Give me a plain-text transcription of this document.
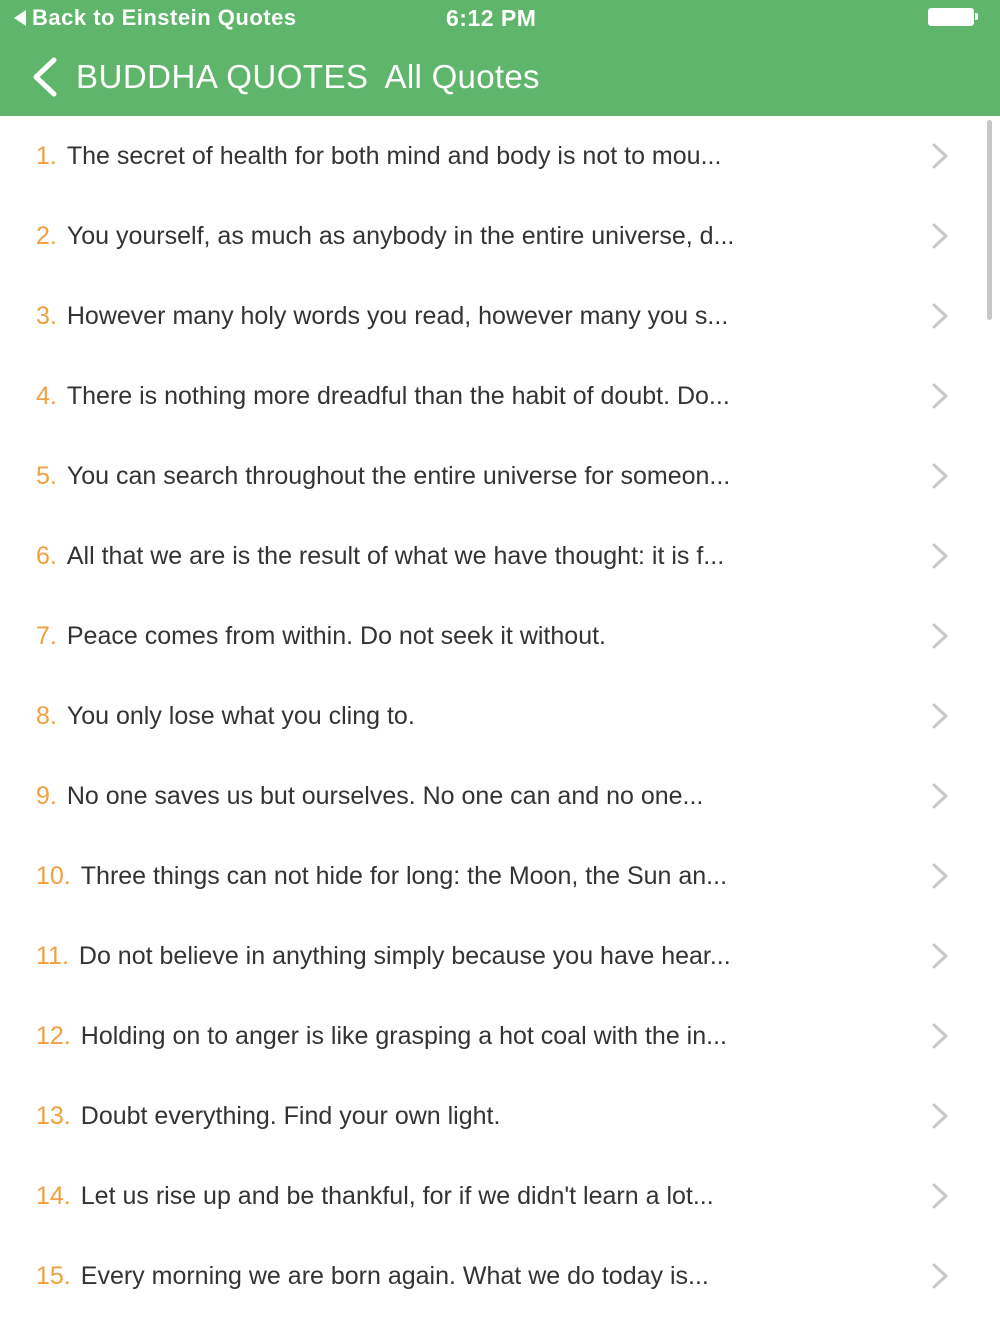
Back to Einstein Quotes	6:12 PM
BUDDHA QUOTES All Quotes
1. The secret of health for both mind and body is not to mou...
2. You yourself, as much as anybody in the entire universe, d...
3. However many holy words you read, however many you s...
4. There is nothing more dreadful than the habit of doubt. Do...
5. You can search throughout the entire universe for someon...
6. All that we are is the result of what we have thought: it is f...
7. Peace comes from within. Do not seek it without.
8. You only lose what you cling to.
9. No one saves us but ourselves. No one can and no one...
10. Three things can not hide for long: the Moon, the Sun an...
11. Do not believe in anything simply because you have hear...
12. Holding on to anger is like grasping a hot coal with the in...
13. Doubt everything. Find your own light.
14. Let us rise up and be thankful, for if we didn't learn a lot...
15. Every morning we are born again. What we do today is...
